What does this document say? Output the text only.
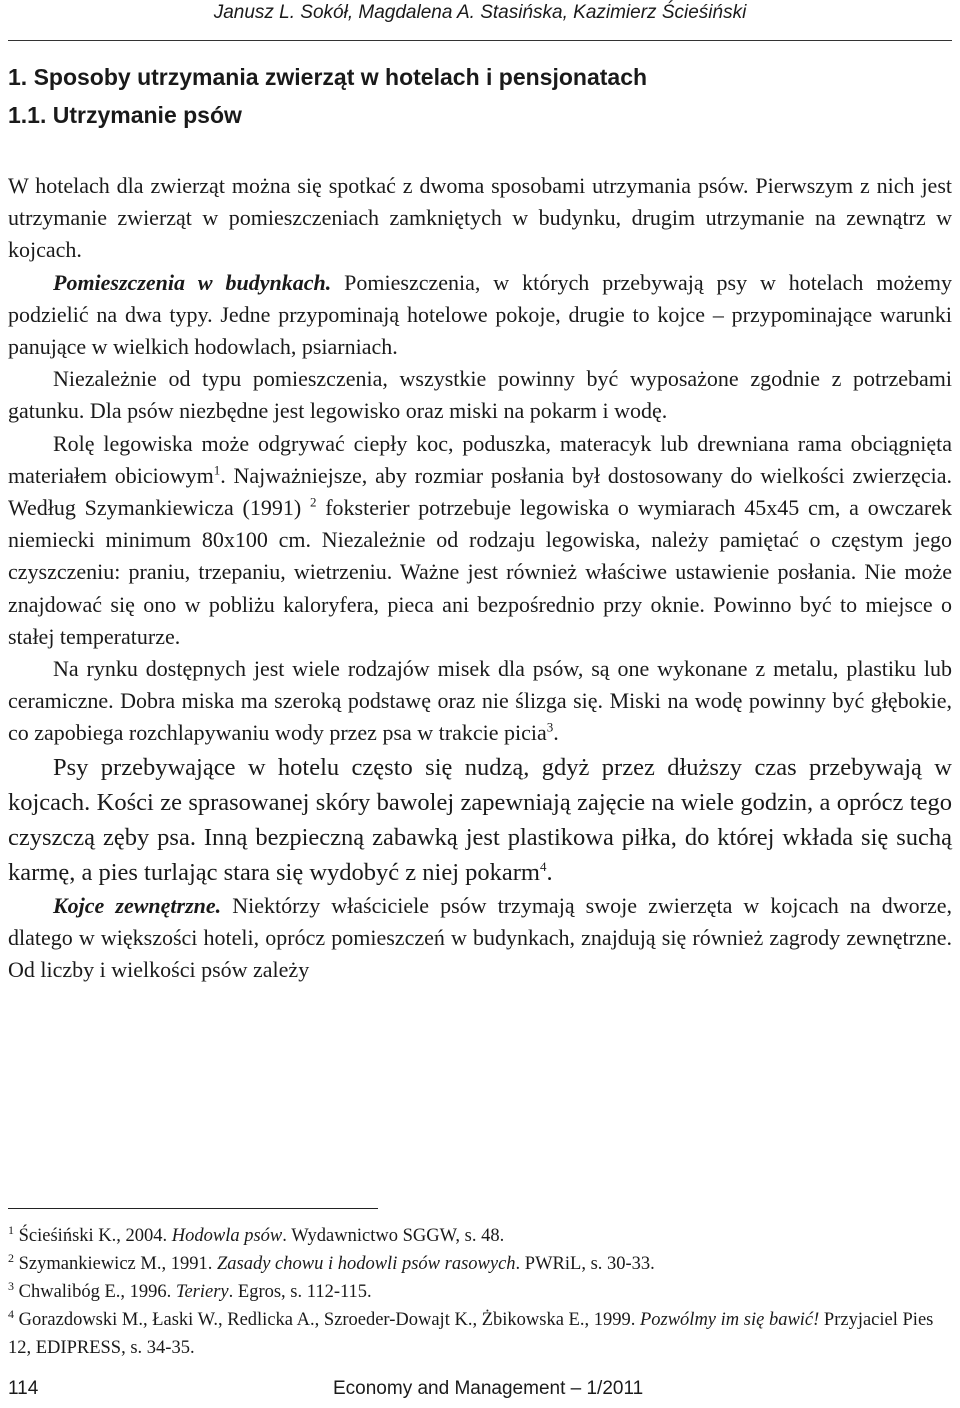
Janusz L. Sokół, Magdalena A. Stasińska, Kazimierz Ścieśiński
1. Sposoby utrzymania zwierząt w hotelach i pensjonatach
1.1. Utrzymanie psów

W hotelach dla zwierząt można się spotkać z dwoma sposobami utrzymania psów. Pierwszym z nich jest utrzymanie zwierząt w pomieszczeniach zamkniętych w budynku, drugim utrzymanie na zewnątrz w kojcach.

Pomieszczenia w budynkach. Pomieszczenia, w których przebywają psy w hotelach możemy podzielić na dwa typy. Jedne przypominają hotelowe pokoje, drugie to kojce – przypominające warunki panujące w wielkich hodowlach, psiarniach.

Niezależnie od typu pomieszczenia, wszystkie powinny być wyposażone zgodnie z potrzebami gatunku. Dla psów niezbędne jest legowisko oraz miski na pokarm i wodę.

Rolę legowiska może odgrywać ciepły koc, poduszka, materacyk lub drewniana rama obciągnięta materiałem obiciowym$^1$. Najważniejsze, aby rozmiar posłania był dostosowany do wielkości zwierzęcia. Według Szymankiewicza (1991) $^2$ foksterier potrzebuje legowiska o wymiarach 45x45 cm, a owczarek niemiecki minimum 80x100 cm. Niezależnie od rodzaju legowiska, należy pamiętać o częstym jego czyszczeniu: praniu, trzepaniu, wietrzeniu. Ważne jest również właściwe ustawienie posłania. Nie może znajdować się ono w pobliżu kaloryfera, pieca ani bezpośrednio przy oknie. Powinno być to miejsce o stałej temperaturze.

Na rynku dostępnych jest wiele rodzajów misek dla psów, są one wykonane z metalu, plastiku lub ceramiczne. Dobra miska ma szeroką podstawę oraz nie ślizga się. Miski na wodę powinny być głębokie, co zapobiega rozchlapywaniu wody przez psa w trakcie picia$^3$.

Psy przebywające w hotelu często się nudzą, gdyż przez dłuższy czas przebywają w kojcach. Kości ze sprasowanej skóry bawolej zapewniają zajęcie na wiele godzin, a oprócz tego czyszczą zęby psa. Inną bezpieczną zabawką jest plastikowa piłka, do której wkłada się suchą karmę, a pies turlając stara się wydobyć z niej pokarm$^4$.

Kojce zewnętrzne. Niektórzy właściciele psów trzymają swoje zwierzęta w kojcach na dworze, dlatego w większości hoteli, oprócz pomieszczeń w budynkach, znajdują się również zagrody zewnętrzne. Od liczby i wielkości psów zależy

$^1$ Ścieśiński K., 2004. Hodowla psów. Wydawnictwo SGGW, s. 48.

$^2$ Szymankiewicz M., 1991. Zasady chowu i hodowli psów rasowych. PWRiL, s. 30-33.

$^3$ Chwalibóg E., 1996. Teriery. Egros, s. 112-115.

$^4$ Gorazdowski M., Łaski W., Redlicka A., Szroeder-Dowajt K., Żbikowska E., 1999. Pozwólmy im się bawić! Przyjaciel Pies 12, EDIPRESS, s. 34-35.

114	Economy and Management – 1/2011
